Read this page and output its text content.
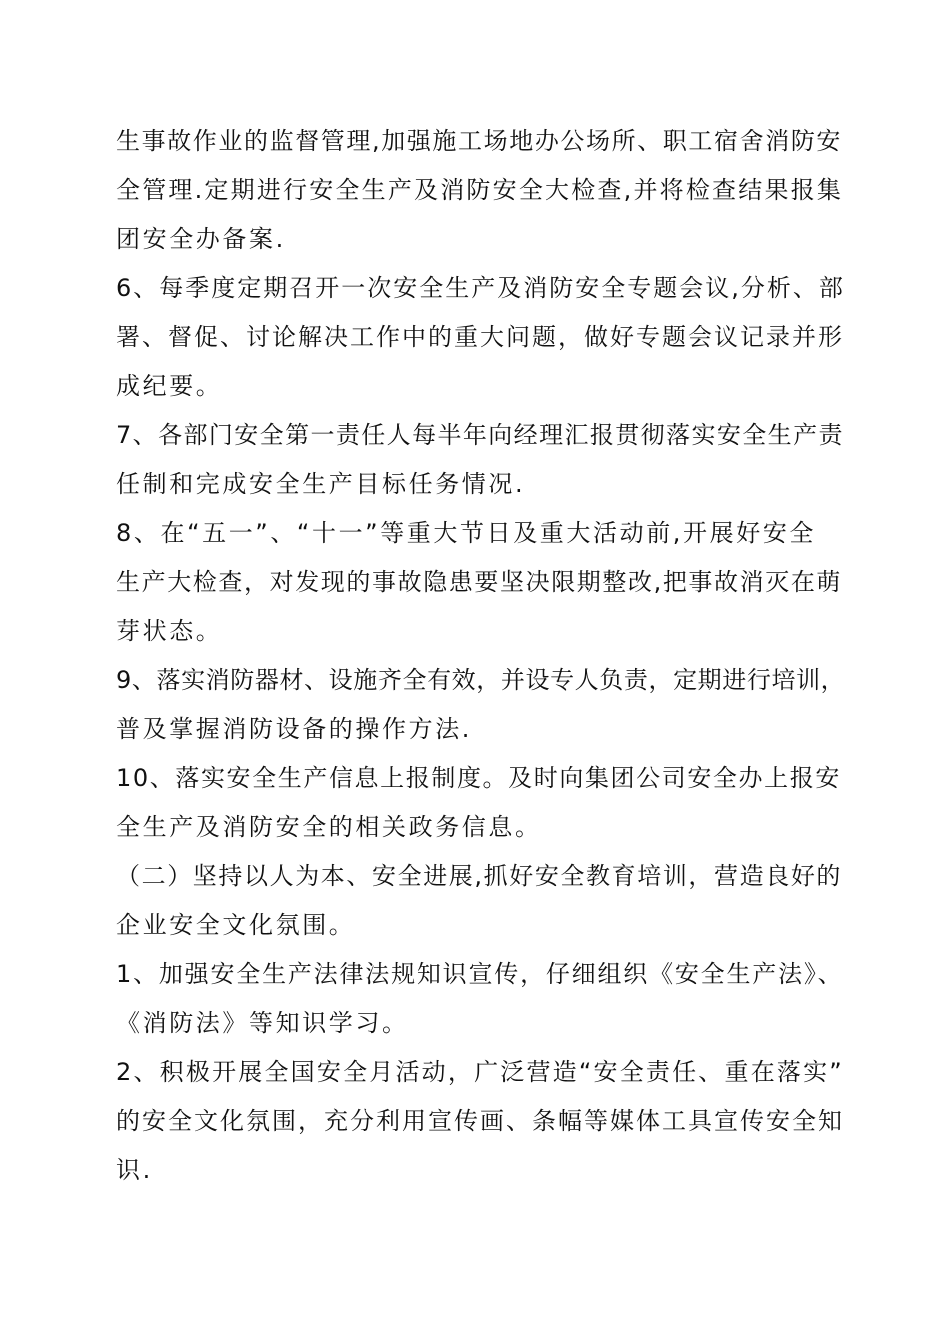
生事故作业的监督管理,加强施工场地办公场所、职工宿舍消防安
全管理.定期进行安全生产及消防安全大检查,并将检查结果报集
团安全办备案.

6、每季度定期召开一次安全生产及消防安全专题会议,分析、部
署、督促、讨论解决工作中的重大问题，做好专题会议记录并形
成纪要。

7、各部门安全第一责任人每半年向经理汇报贯彻落实安全生产责
任制和完成安全生产目标任务情况.

8、在“五一”、“十一”等重大节日及重大活动前,开展好安全
生产大检查，对发现的事故隐患要坚决限期整改,把事故消灭在萌
芽状态。

9、落实消防器材、设施齐全有效，并设专人负责，定期进行培训，
普及掌握消防设备的操作方法.

10、落实安全生产信息上报制度。及时向集团公司安全办上报安
全生产及消防安全的相关政务信息。

（二）坚持以人为本、安全进展,抓好安全教育培训，营造良好的
企业安全文化氛围。

1、加强安全生产法律法规知识宣传，仔细组织《安全生产法》、
《消防法》等知识学习。

2、积极开展全国安全月活动，广泛营造“安全责任、重在落实”
的安全文化氛围，充分利用宣传画、条幅等媒体工具宣传安全知
识.
